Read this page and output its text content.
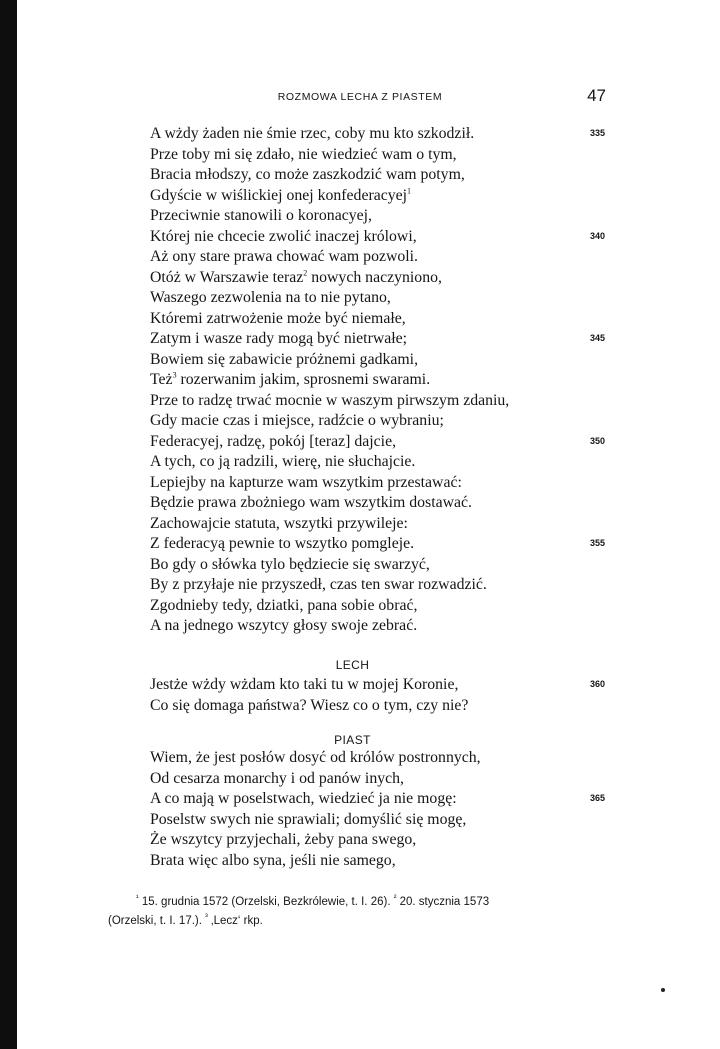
ROZMOWA LECHA Z PIASTEM	47
A wżdy żaden nie śmie rzec, coby mu kto szkodził.	335
Prze toby mi się zdało, nie wiedzieć wam o tym,
Bracia młodszy, co może zaszkodzić wam potym,
Gdyście w wiślickiej onej konfederacyej$^1$
Przeciwnie stanowili o koronacyej,
Której nie chcecie zwolić inaczej królowi,	340
Aż ony stare prawa chować wam pozwoli.
Otóż w Warszawie teraz$^2$ nowych naczyniono,
Waszego zezwolenia na to nie pytano,
Któremi zatrwożenie może być niemałe,
Zatym i wasze rady mogą być nietrwałe;	345
Bowiem się zabawicie próżnemi gadkami,
Też$^3$ rozerwanim jakim, sprosnemi swarami.
Prze to radzę trwać mocnie w waszym pirwszym zdaniu,
Gdy macie czas i miejsce, radźcie o wybraniu;
Federacyej, radzę, pokój [teraz] dajcie,	350
A tych, co ją radzili, wierę, nie słuchajcie.
Lepiejby na kapturze wam wszytkim przestawać:
Będzie prawa zbożniego wam wszytkim dostawać.
Zachowajcie statuta, wszytki przywileje:
Z federacyą pewnie to wszytko pomgleje.	355
Bo gdy o słówka tylo będziecie się swarzyć,
By z przyłaje nie przyszedł, czas ten swar rozwadzić.
Zgodnieby tedy, dziatki, pana sobie obrać,
A na jednego wszytcy głosy swoje zebrać.
LECH
Jestże wżdy wżdam kto taki tu w mojej Koronie,	360
Co się domaga państwa? Wiesz co o tym, czy nie?
PIAST
Wiem, że jest posłów dosyć od królów postronnych,
Od cesarza monarchy i od panów inych,
A co mają w poselstwach, wiedzieć ja nie mogę:	365
Poselstw swych nie sprawiali; domyślić się mogę,
Że wszytcy przyjechali, żeby pana swego,
Brata więc albo syna, jeśli nie samego,
$^{^1}$ 15. grudnia 1572 (Orzelski, Bezkrólewie, t. I. 26). $^{^2}$ 20. stycznia 1573
(Orzelski, t. I. 17.). $^{^3}$ ‚Lecz‘ rkp.
